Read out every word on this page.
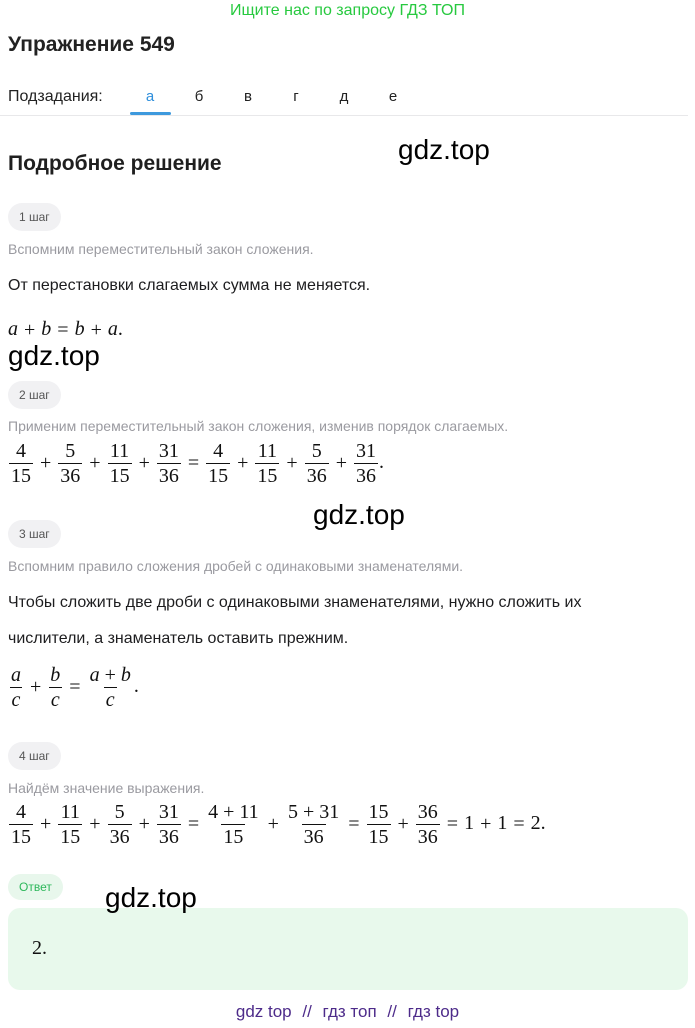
Ищите нас по запросу ГДЗ ТОП
Упражнение 549
Подзадания:	а	б	в	г	д	е
Подробное решение	gdz.top
1 шаг
Вспомним переместительный закон сложения.
От перестановки слагаемых сумма не меняется.
a + b = b + a.
gdz.top
2 шаг
Применим переместительный закон сложения, изменив порядок слагаемых.
$\frac{4}{15} + \frac{5}{36} + \frac{11}{15} + \frac{31}{36} = \frac{4}{15} + \frac{11}{15} + \frac{5}{36} + \frac{31}{36}$ .
gdz.top
3 шаг
Вспомним правило сложения дробей с одинаковыми знаменателями.
Чтобы сложить две дроби с одинаковыми знаменателями, нужно сложить их
числители, а знаменатель оставить прежним.
$\frac{a}{c} + \frac{b}{c} = \frac{a + b}{c}$ .
4 шаг
Найдём значение выражения.
$\frac{4}{15} + \frac{11}{15} + \frac{5}{36} + \frac{31}{36} = \frac{4 + 11}{15} + \frac{5 + 31}{36} = \frac{15}{15} + \frac{36}{36} = 1 + 1 = 2$.
Ответ
2.
gdz.top
gdz top // гдз топ // гдз top
